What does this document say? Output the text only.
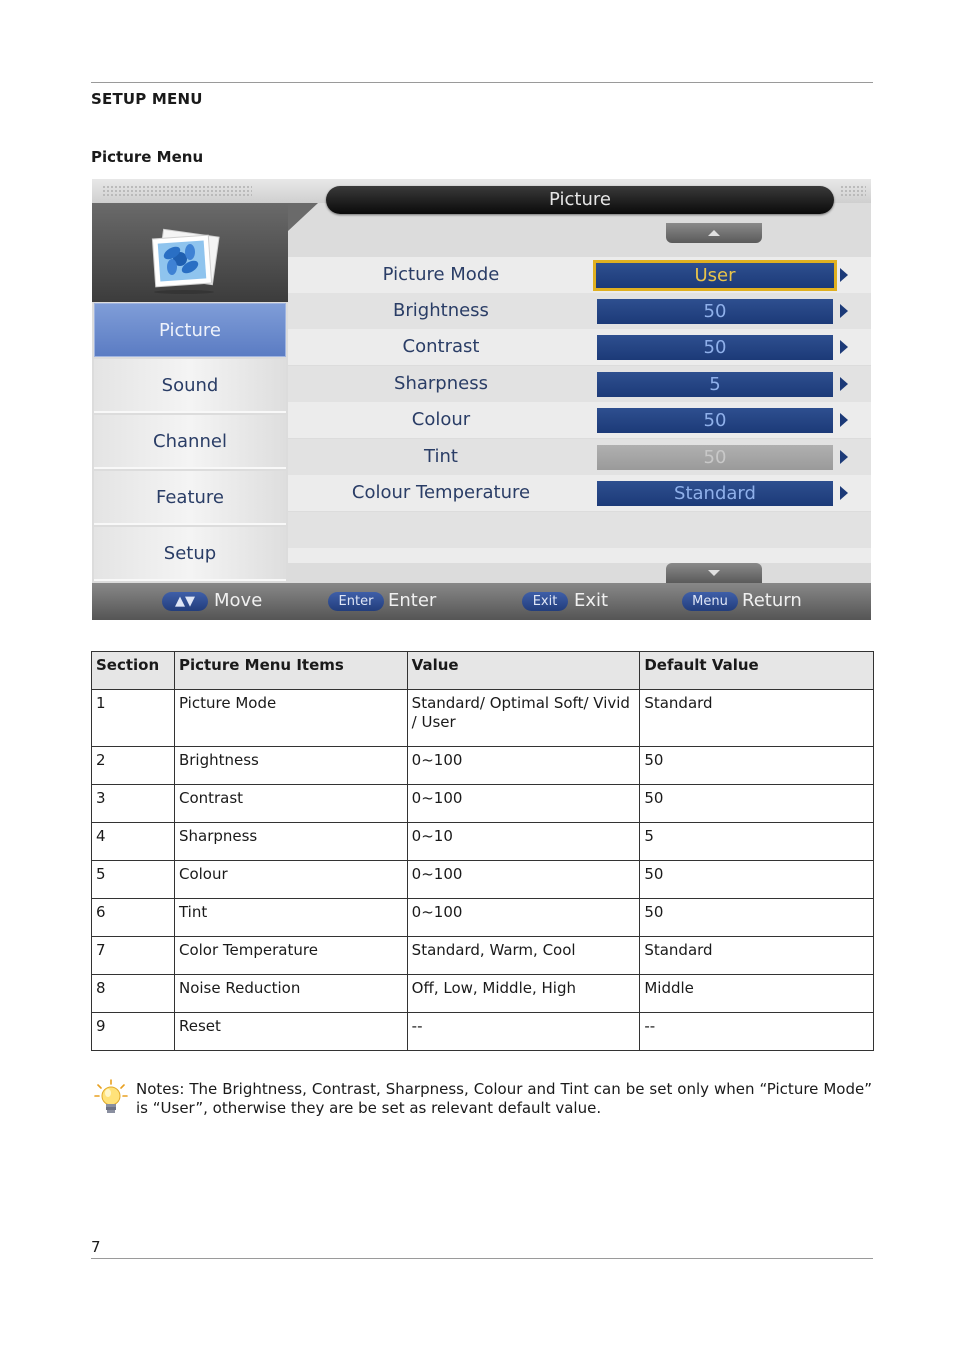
SETUP MENU
Picture Menu
Picture
Picture
Sound
Channel
Feature
Setup
Picture Mode	User
Brightness	50
Contrast	50
Sharpness	5
Colour	50
Tint	50
Colour Temperature	Standard
▲▼	Move	Enter Enter	Exit Exit	Menu Return
Section	Picture Menu Items	Value	Default Value
1	Picture Mode	Standard/ Optimal Soft/ Vivid / User	Standard
2	Brightness	0~100	50
3	Contrast	0~100	50
4	Sharpness	0~10	5
5	Colour	0~100	50
6	Tint	0~100	50
7	Color Temperature	Standard, Warm, Cool	Standard
8	Noise Reduction	Off, Low, Middle, High	Middle
9	Reset	--	--
Notes: The Brightness, Contrast, Sharpness, Colour and Tint can be set only when “Picture Mode” is “User”, otherwise they are be set as relevant default value.
7
